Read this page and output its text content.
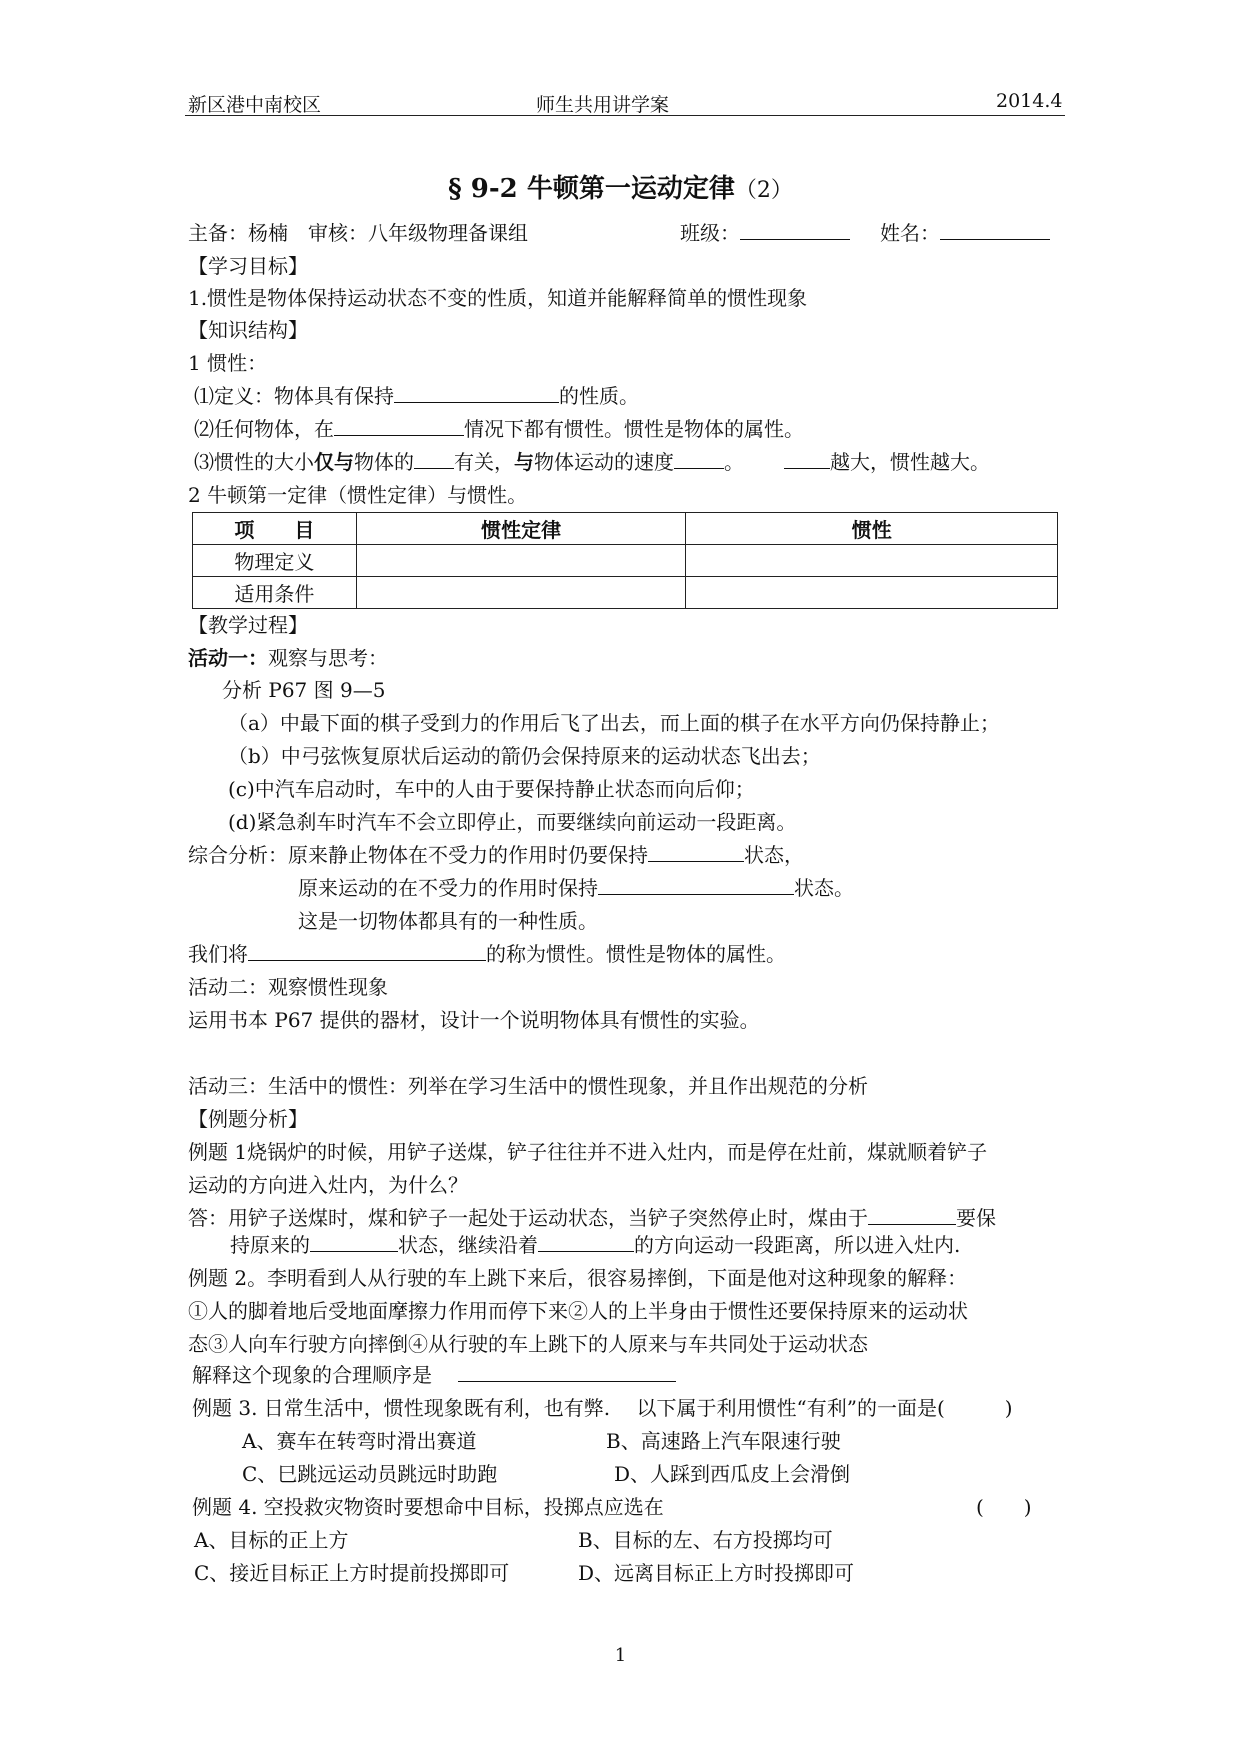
新区港中南校区	师生共用讲学案	2014.4
§ 9-2 牛顿第一运动定律（2）
主备：杨楠　审核：八年级物理备课组	班级：	姓名：
【学习目标】
1.惯性是物体保持运动状态不变的性质，知道并能解释简单的惯性现象
【知识结构】
1 惯性：
⑴定义：物体具有保持	的性质。
⑵任何物体，在	情况下都有惯性。惯性是物体的属性。
⑶惯性的大小仅与物体的 有关，与物体运动的速度	。	越大，惯性越大。
2 牛顿第一定律（惯性定律）与惯性。
项　　目	惯性定律	惯性
物理定义		
适用条件		
【教学过程】
活动一：观察与思考：
分析 P67 图 9—5
（a）中最下面的棋子受到力的作用后飞了出去，而上面的棋子在水平方向仍保持静止；
（b）中弓弦恢复原状后运动的箭仍会保持原来的运动状态飞出去；
(c)中汽车启动时，车中的人由于要保持静止状态而向后仰；
(d)紧急刹车时汽车不会立即停止，而要继续向前运动一段距离。
综合分析：原来静止物体在不受力的作用时仍要保持	状态，
原来运动的在不受力的作用时保持	状态。
这是一切物体都具有的一种性质。
我们将	的称为惯性。惯性是物体的属性。
活动二：观察惯性现象
运用书本 P67 提供的器材，设计一个说明物体具有惯性的实验。
活动三：生活中的惯性：列举在学习生活中的惯性现象，并且作出规范的分析
【例题分析】
例题 1烧锅炉的时候，用铲子送煤，铲子往往并不进入灶内，而是停在灶前，煤就顺着铲子
运动的方向进入灶内，为什么？
答：用铲子送煤时，煤和铲子一起处于运动状态，当铲子突然停止时，煤由于	要保
持原来的	状态，继续沿着	的方向运动一段距离，所以进入灶内.
例题 2。李明看到人从行驶的车上跳下来后，很容易摔倒，下面是他对这种现象的解释：
①人的脚着地后受地面摩擦力作用而停下来②人的上半身由于惯性还要保持原来的运动状
态③人向车行驶方向摔倒④从行驶的车上跳下的人原来与车共同处于运动状态
解释这个现象的合理顺序是
例题 3. 日常生活中，惯性现象既有利，也有弊.　 以下属于利用惯性“有利”的一面是(　　　)
A、赛车在转弯时滑出赛道	B、高速路上汽车限速行驶
C、巳跳远运动员跳远时助跑	D、人踩到西瓜皮上会滑倒
例题 4. 空投救灾物资时要想命中目标，投掷点应选在	(　　)
A、目标的正上方	B、目标的左、右方投掷均可
C、接近目标正上方时提前投掷即可	D、远离目标正上方时投掷即可
1
